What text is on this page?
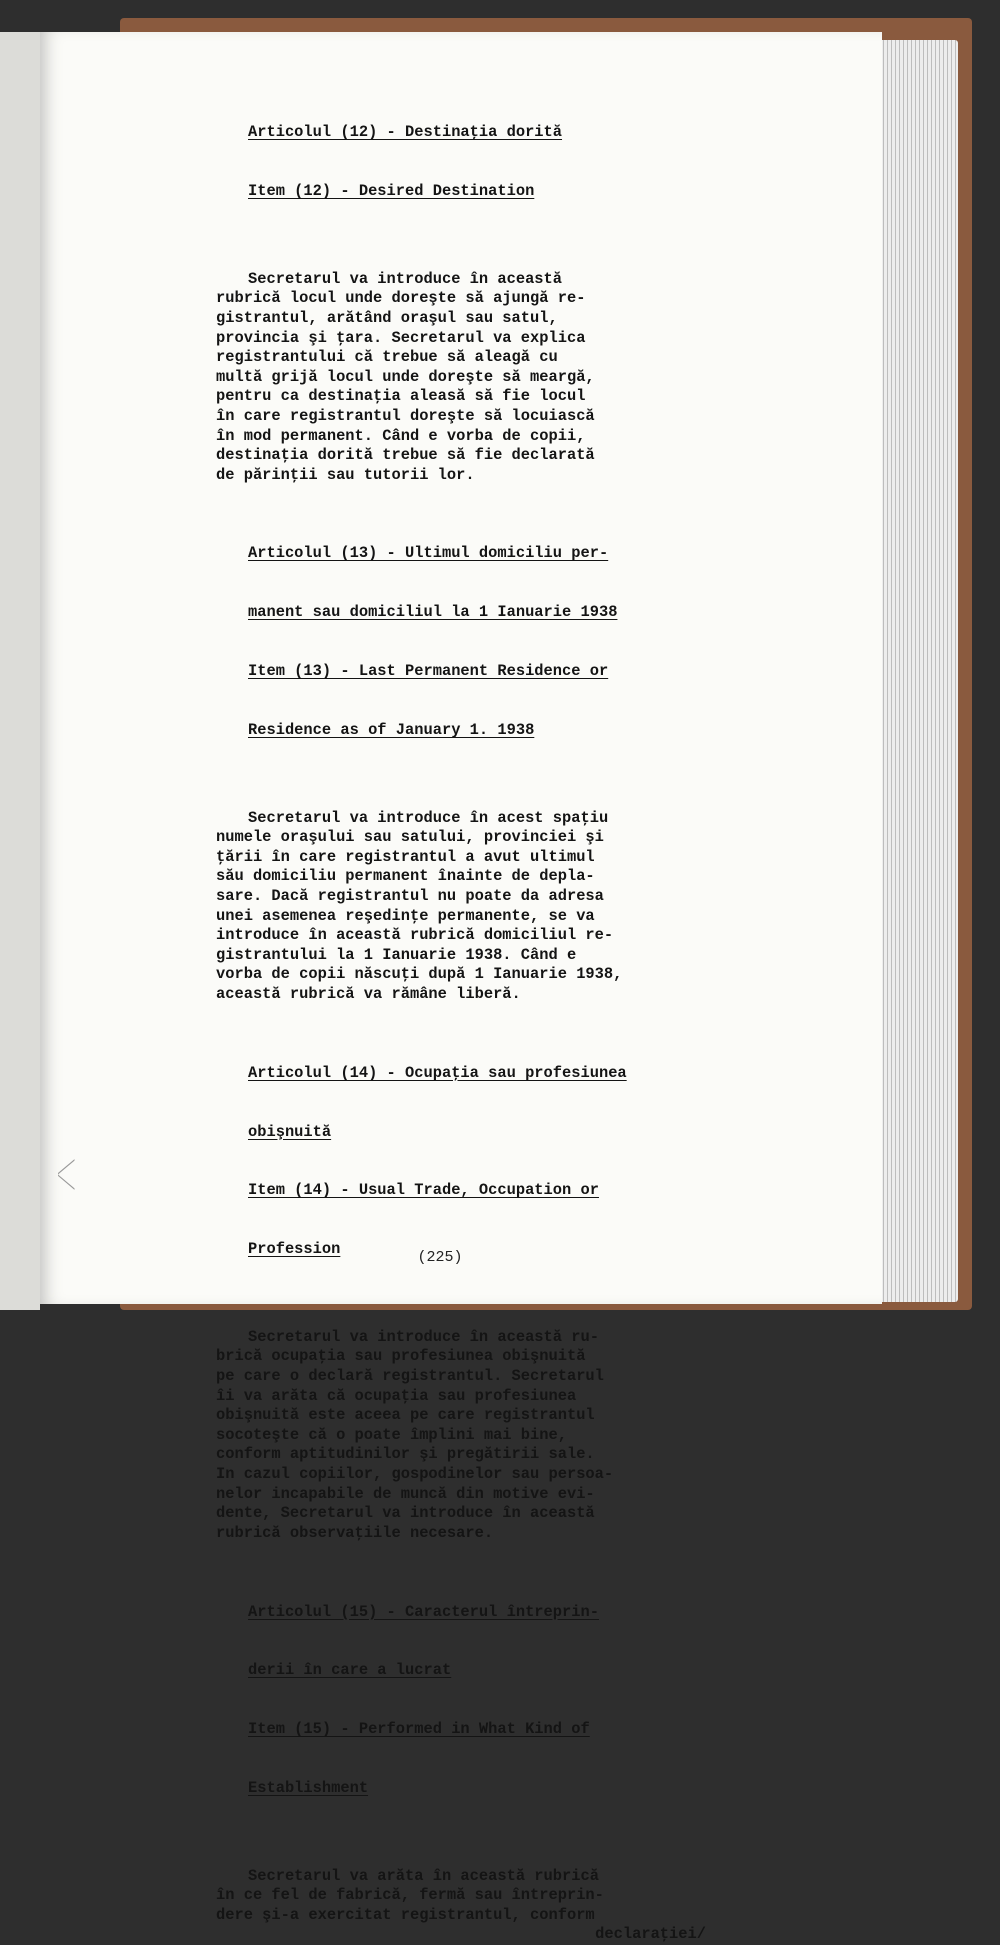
⟋⟍

Articolul (12) - Destinaţia dorită

Item (12) - Desired Destination

Secretarul va introduce în această

rubrică locul unde doreşte să ajungă re-

gistrantul, arătând oraşul sau satul,

provincia şi ţara. Secretarul va explica

registrantului că trebue să aleagă cu

multă grijă locul unde doreşte să meargă,

pentru ca destinaţia aleasă să fie locul

în care registrantul doreşte să locuiască

în mod permanent. Când e vorba de copii,

destinaţia dorită trebue să fie declarată

de părinţii sau tutorii lor.

Articolul (13) - Ultimul domiciliu per-

manent sau domiciliul la 1 Ianuarie 1938

Item (13) - Last Permanent Residence or

Residence as of January 1. 1938

Secretarul va introduce în acest spaţiu

numele oraşului sau satului, provinciei şi

ţării în care registrantul a avut ultimul

său domiciliu permanent înainte de depla-

sare. Dacă registrantul nu poate da adresa

unei asemenea reşedinţe permanente, se va

introduce în această rubrică domiciliul re-

gistrantului la 1 Ianuarie 1938. Când e

vorba de copii născuţi după 1 Ianuarie 1938,

această rubrică va rămâne liberă.

Articolul (14) - Ocupaţia sau profesiunea

obişnuită

Item (14) - Usual Trade, Occupation or

Profession

Secretarul va introduce în această ru-

brică ocupaţia sau profesiunea obişnuită

pe care o declară registrantul. Secretarul

îi va arăta că ocupaţia sau profesiunea

obişnuită este aceea pe care registrantul

socoteşte că o poate împlini mai bine,

conform aptitudinilor şi pregătirii sale.

In cazul copiilor, gospodinelor sau persoa-

nelor incapabile de muncă din motive evi-

dente, Secretarul va introduce în această

rubrică observaţiile necesare.

Articolul (15) - Caracterul întreprin-

derii în care a lucrat

Item (15) - Performed in What Kind of

Establishment

Secretarul va arăta în această rubrică

în ce fel de fabrică, fermă sau întreprin-

dere şi-a exercitat registrantul, conform

declaraţiei/
(225)
